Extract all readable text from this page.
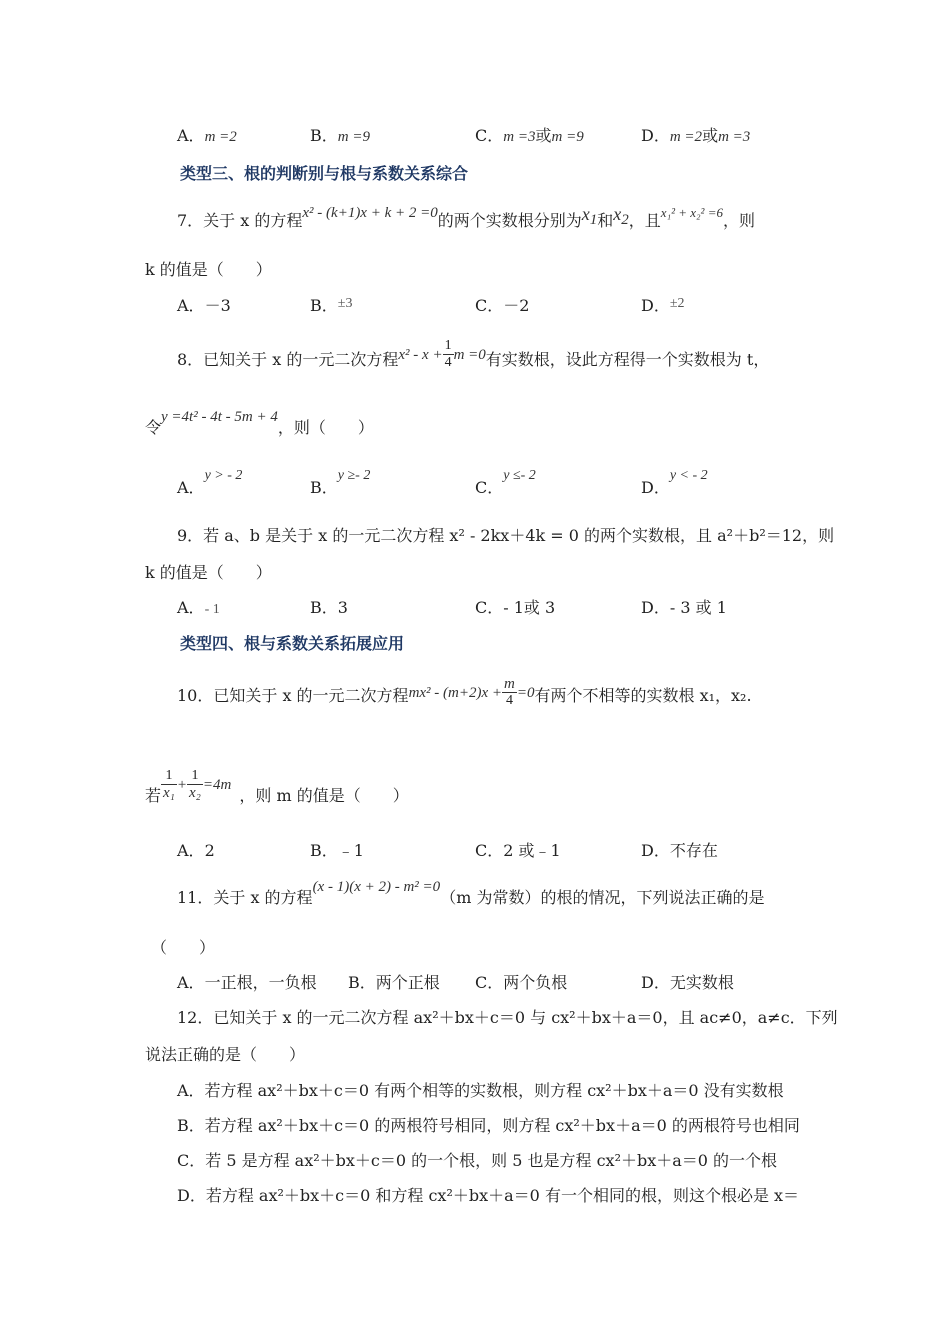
A．m =2	B．m =9	C．m =3或m =9	D．m =2或m =3
类型三、根的判断别与根与系数关系综合
7．关于 x 的方程x² - (k+1)x + k + 2 =0的两个实数根分别为$x_1$和$x_2$，且$^{x_1^2 + x_2^2 =6}$，则
k 的值是（　　）
A．－3	B．±3	C．－2	D．±2
8．已知关于 x 的一元二次方程$x^2 - x + \frac{1}{4}$ m =0有实数根，设此方程得一个实数根为 t，
令y =4t² - 4t - 5m + 4，则（　　）
A．y > - 2
B．y ≥- 2
C．y ≤- 2
D．y < - 2
9．若 a、b 是关于 x 的一元二次方程 x² - 2kx＋4k = 0 的两个实数根，且 a²＋b²＝12，则
k 的值是（　　）
A．- 1	B．3	C．- 1或 3	D．- 3 或 1
类型四、根与系数关系拓展应用
10．已知关于 x 的一元二次方程$mx^2 - (m+2)x + \frac{m}{4} =0$有两个不相等的实数根 x₁，x₂.
若 $\frac{1}{\text{x₁}} + \frac{1}{\text{x₂}} =4m$，则 m 的值是（　　）
A．2	B．﹣1	C．2 或﹣1	D．不存在
11．关于 x 的方程(x - 1)(x + 2) - m² =0（m 为常数）的根的情况，下列说法正确的是
（　　）
A．一正根，一负根 B．两个正根 C．两个负根	D．无实数根
12．已知关于 x 的一元二次方程 ax²＋bx＋c＝0 与 cx²＋bx＋a＝0，且 ac≠0，a≠c．下列
说法正确的是（　　）
A．若方程 ax²＋bx＋c＝0 有两个相等的实数根，则方程 cx²＋bx＋a＝0 没有实数根
B．若方程 ax²＋bx＋c＝0 的两根符号相同，则方程 cx²＋bx＋a＝0 的两根符号也相同
C．若 5 是方程 ax²＋bx＋c＝0 的一个根，则 5 也是方程 cx²＋bx＋a＝0 的一个根
D．若方程 ax²＋bx＋c＝0 和方程 cx²＋bx＋a＝0 有一个相同的根，则这个根必是 x＝
